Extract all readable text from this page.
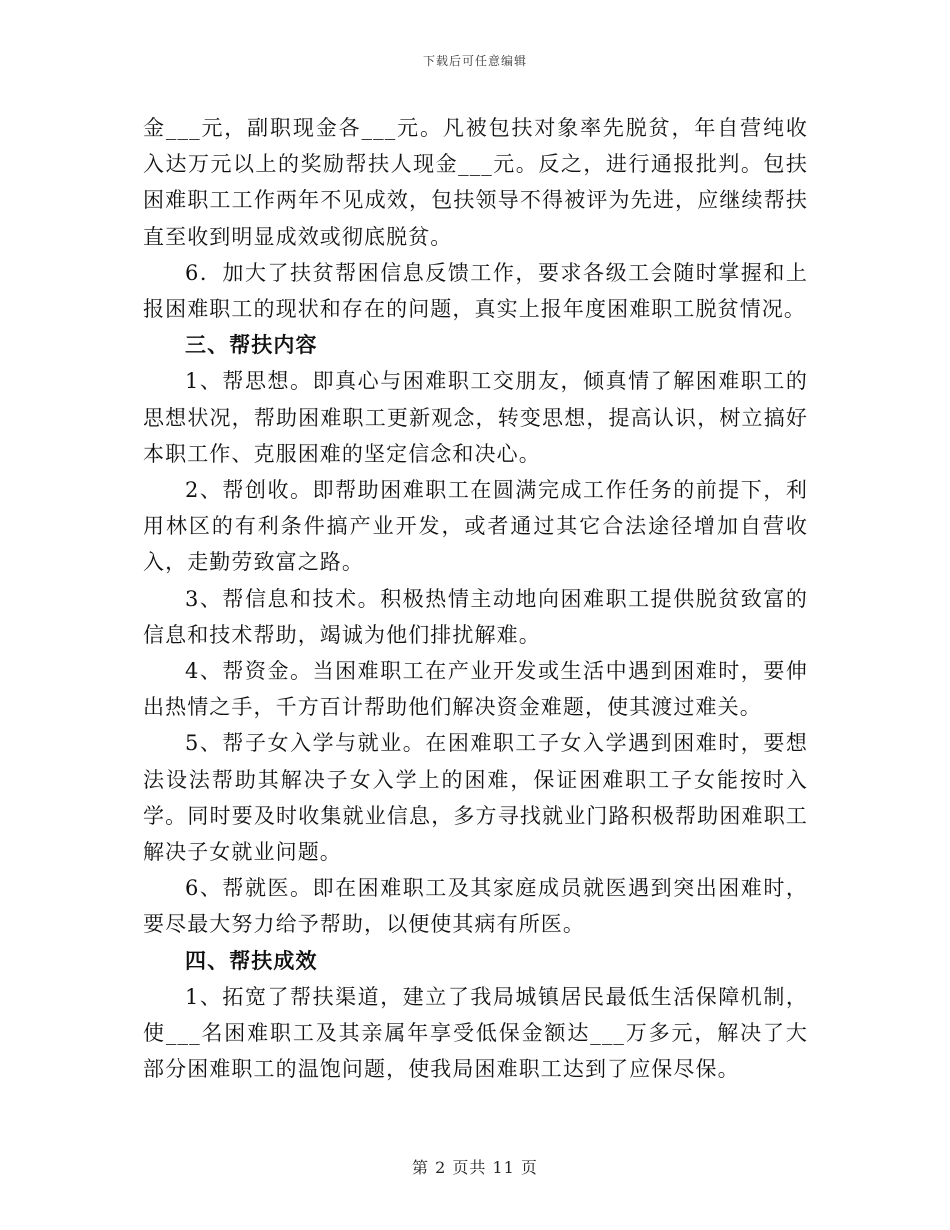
下载后可任意编辑

金___元，副职现金各___元。凡被包扶对象率先脱贫，年自营纯收入达万元以上的奖励帮扶人现金___元。反之，进行通报批判。包扶困难职工工作两年不见成效，包扶领导不得被评为先进，应继续帮扶直至收到明显成效或彻底脱贫。

6．加大了扶贫帮困信息反馈工作，要求各级工会随时掌握和上报困难职工的现状和存在的问题，真实上报年度困难职工脱贫情况。

三、帮扶内容

1、帮思想。即真心与困难职工交朋友，倾真情了解困难职工的思想状况，帮助困难职工更新观念，转变思想，提高认识，树立搞好本职工作、克服困难的坚定信念和决心。

2、帮创收。即帮助困难职工在圆满完成工作任务的前提下，利用林区的有利条件搞产业开发，或者通过其它合法途径增加自营收入，走勤劳致富之路。

3、帮信息和技术。积极热情主动地向困难职工提供脱贫致富的信息和技术帮助，竭诚为他们排扰解难。

4、帮资金。当困难职工在产业开发或生活中遇到困难时，要伸出热情之手，千方百计帮助他们解决资金难题，使其渡过难关。

5、帮子女入学与就业。在困难职工子女入学遇到困难时，要想法设法帮助其解决子女入学上的困难，保证困难职工子女能按时入学。同时要及时收集就业信息，多方寻找就业门路积极帮助困难职工解决子女就业问题。

6、帮就医。即在困难职工及其家庭成员就医遇到突出困难时，要尽最大努力给予帮助，以便使其病有所医。

四、帮扶成效

1、拓宽了帮扶渠道，建立了我局城镇居民最低生活保障机制，使___名困难职工及其亲属年享受低保金额达___万多元，解决了大部分困难职工的温饱问题，使我局困难职工达到了应保尽保。

第 2 页共 11 页
